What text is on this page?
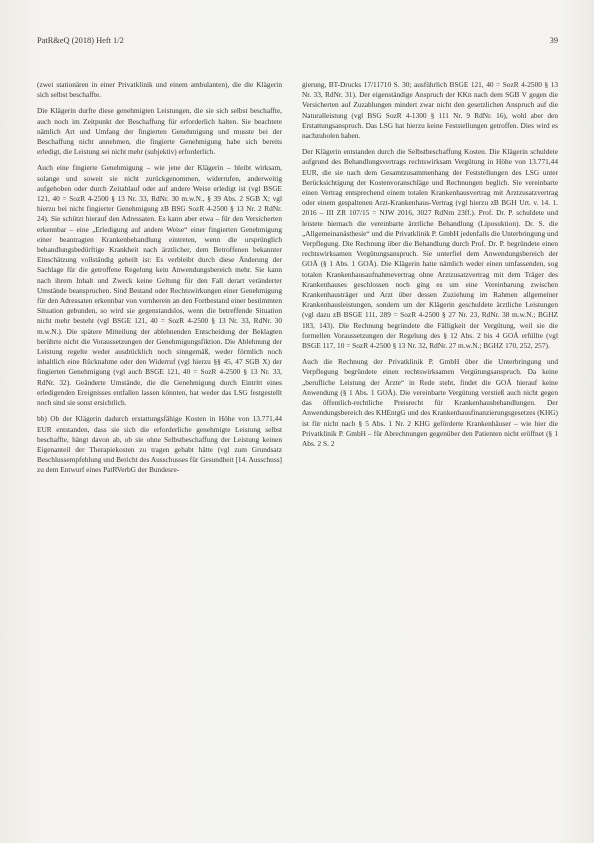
PatR&eQ (2018) Heft 1/2	39

(zwei stationären in einer Privatklinik und einem ambulanten), die die Klägerin sich selbst beschaffte.

Die Klägerin durfte diese genehmigten Leistungen, die sie sich selbst beschaffte, auch noch im Zeitpunkt der Beschaffung für erforderlich halten. Sie beachtete nämlich Art und Umfang der fingierten Genehmigung und musste bei der Beschaffung nicht annehmen, die fingierte Genehmigung habe sich bereits erledigt, die Leistung sei nicht mehr (subjektiv) erforderlich.

Auch eine fingierte Genehmigung – wie jene der Klägerin – bleibt wirksam, solange und soweit sie nicht zurückgenommen, widerrufen, anderweitig aufgehoben oder durch Zeitablauf oder auf andere Weise erledigt ist (vgl BSGE 121, 40 = SozR 4-2500 § 13 Nr. 33, RdNr. 30 m.w.N., § 39 Abs. 2 SGB X; vgl hierzu bei nicht fingierter Genehmigung zB BSG SozR 4-2500 § 13 Nr. 2 RdNr. 24). Sie schützt hierauf den Adressaten. Es kann aber etwa – für den Versicherten erkennbar – eine „Erledigung auf andere Weise“ einer fingierten Genehmigung einer beantragten Krankenbehandlung eintreten, wenn die ursprünglich behandlungsbedürftige Krankheit nach ärztlicher, dem Betroffenen bekannter Einschätzung vollständig geheilt ist: Es verbleibt durch diese Änderung der Sachlage für die getroffene Regelung kein Anwendungsbereich mehr. Sie kann nach ihrem Inhalt und Zweck keine Geltung für den Fall derart veränderter Umstände beanspruchen. Sind Bestand oder Rechtswirkungen einer Genehmigung für den Adressaten erkennbar von vornherein an den Fortbestand einer bestimmten Situation gebunden, so wird sie gegenstandslos, wenn die betreffende Situation nicht mehr besteht (vgl BSGE 121, 40 = SozR 4-2500 § 13 Nr. 33, RdNr. 30 m.w.N.). Die spätere Mitteilung der ablehnenden Entscheidung der Beklagten berührte nicht die Voraussetzungen der Genehmigungsfiktion. Die Ablehnung der Leistung regelte weder ausdrücklich noch sinngemäß, weder förmlich noch inhaltlich eine Rücknahme oder den Widerruf (vgl hierzu §§ 45, 47 SGB X) der fingierten Genehmigung (vgl auch BSGE 121, 40 = SozR 4-2500 § 13 Nr. 33, RdNr. 32). Geänderte Umstände, die die Genehmigung durch Eintritt eines erledigenden Ereignisses entfallen lassen könnten, hat weder das LSG festgestellt noch sind sie sonst ersichtlich.

bb) Ob der Klägerin dadurch erstattungsfähige Kosten in Höhe von 13.771,44 EUR entstanden, dass sie sich die erforderliche genehmigte Leistung selbst beschaffte, hängt davon ab, ob sie ohne Selbstbeschaffung der Leistung keinen Eigenanteil der Therapiekosten zu tragen gehabt hätte (vgl zum Grundsatz Beschlussempfehlung und Bericht des Ausschusses für Gesundheit [14. Ausschuss] zu dem Entwurf eines PatRVerbG der Bundesre-

gierung, BT-Drucks 17/11710 S. 30; ausführlich BSGE 121, 40 = SozR 4-2500 § 13 Nr. 33, RdNr. 31). Der eigenständige Anspruch der KKn nach dem SGB V gegen die Versicherten auf Zuzahlungen mindert zwar nicht den gesetzlichen Anspruch auf die Naturalleistung (vgl BSG SozR 4-1300 § 111 Nr. 9 RdNr. 16), wohl aber den Erstattungsanspruch. Das LSG hat hierzu keine Feststellungen getroffen. Dies wird es nachzuholen haben.

Der Klägerin entstanden durch die Selbstbeschaffung Kosten. Die Klägerin schuldete aufgrund des Behandlungsvertrags rechtswirksam Vergütung in Höhe von 13.771,44 EUR, die sie nach dem Gesamtzusammenhang der Feststellungen des LSG unter Berücksichtigung der Kostenvoranschläge und Rechnungen beglich. Sie vereinbarte einen Vertrag entsprechend einem totalen Krankenhausvertrag mit Arztzusatzvertrag oder einem gespaltenen Arzt-Krankenhaus-Vertrag (vgl hierzu zB BGH Urt. v. 14. 1. 2016 – III ZR 107/15 = NJW 2016, 3027 RdNrn 23ff.). Prof. Dr. P. schuldete und leistete hiernach die vereinbarte ärztliche Behandlung (Liposuktion). Dr. S. die „Allgemeinanästhesie“ und die Privatklinik P. GmbH jedenfalls die Unterbringung und Verpflegung. Die Rechnung über die Behandlung durch Prof. Dr. P. begründete einen rechtswirksamen Vergütungsanspruch. Sie unterfiel dem Anwendungsbereich der GOÄ (§ 1 Abs. 1 GOÄ). Die Klägerin hatte nämlich weder einen umfassenden, sog totalen Krankenhausaufnahmevertrag ohne Arztzusatzvertrag mit dem Träger des Krankenhauses geschlossen noch ging es um eine Vereinbarung zwischen Krankenhausträger und Arzt über dessen Zuziehung im Rahmen allgemeiner Krankenhausleistungen, sondern um der Klägerin geschuldete ärztliche Leistungen (vgl dazu zB BSGE 111, 289 = SozR 4-2500 § 27 Nr. 23, RdNr. 38 m.w.N.; BGHZ 183, 143). Die Rechnung begründete die Fälligkeit der Vergütung, weil sie die formellen Voraussetzungen der Regelung des § 12 Abs. 2 bis 4 GOÄ erfüllte (vgl BSGE 117, 10 = SozR 4-2500 § 13 Nr. 32, RdNr. 27 m.w.N.; BGHZ 170, 252, 257).

Auch die Rechnung der Privatklinik P. GmbH über die Unterbringung und Verpflegung begründete einen rechtswirksamen Vergütungsanspruch. Da keine „berufliche Leistung der Ärzte“ in Rede steht, findet die GOÄ hierauf keine Anwendung (§ 1 Abs. 1 GOÄ). Die vereinbarte Vergütung verstieß auch nicht gegen das öffentlich-rechtliche Preisrecht für Krankenhausbehandlungen. Der Anwendungsbereich des KHEntgG und des Krankenhausfinanzierungsgesetzes (KHG) ist für nicht nach § 5 Abs. 1 Nr. 2 KHG geförderte Krankenhäuser – wie hier die Privatklinik P. GmbH – für Abrechnungen gegenüber den Patienten nicht eröffnet (§ 1 Abs. 2 S. 2
